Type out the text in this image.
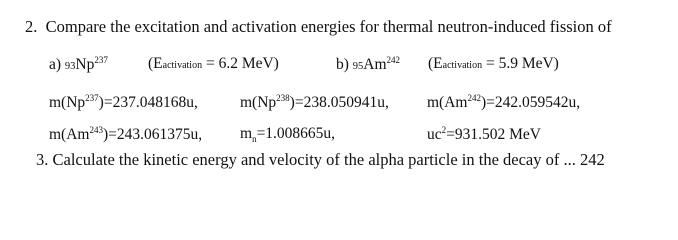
2. Compare the excitation and activation energies for thermal neutron-induced fission of
a) 93Np$^{237}$	(Eactivation = 6.2 MeV)	b) 95Am$^{242}$ (Eactivation = 5.9 MeV)
$m(Np^{237})=237.048168u$,	$m(Np^{238})=238.050941u$, $m(Am^{242})=242.059542u$,
$m(Am^{243})=243.061375u$, $m_n=1.008665u$,	$uc^2=931.502$ MeV
3. Calculate the kinetic energy and velocity of the alpha particle in the decay of ... 242
